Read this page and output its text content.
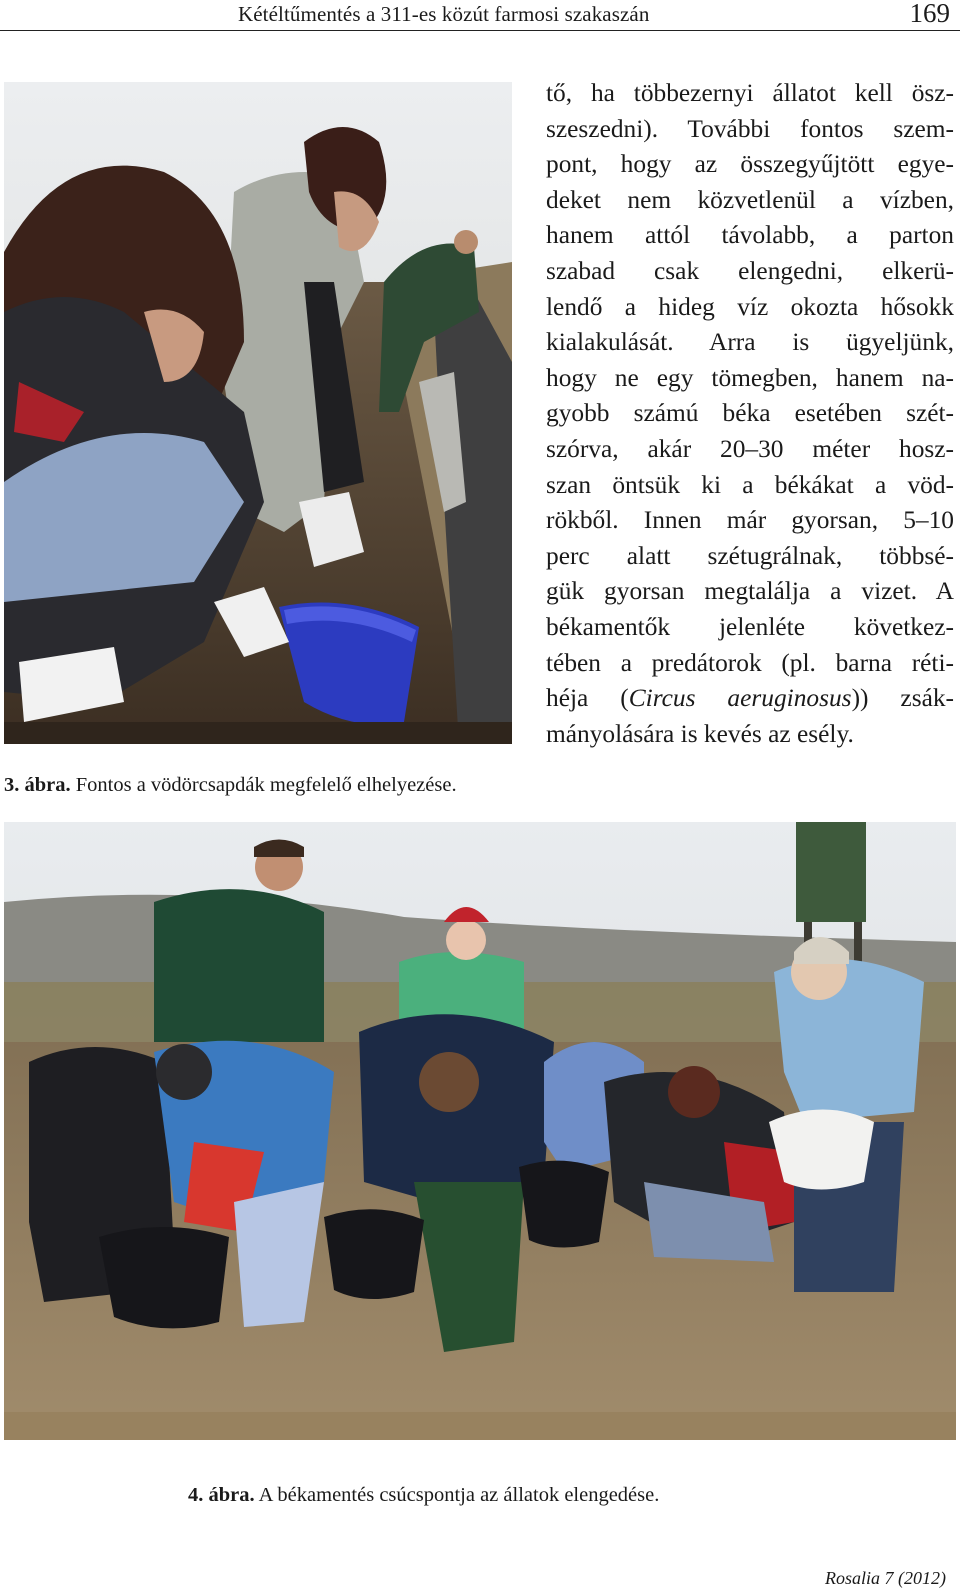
Kétéltűmentés a 311-es közút farmosi szakaszán	169
3. ábra. Fontos a vödörcsapdák megfelelő elhelyezése.
tő, ha többezernyi állatot kell ösz-
szeszedni). További fontos szem-
pont, hogy az összegyűjtött egye-
deket nem közvetlenül a vízben,
hanem attól távolabb, a parton
szabad csak elengedni, elkerü-
lendő a hideg víz okozta hősokk
kialakulását. Arra is ügyeljünk,
hogy ne egy tömegben, hanem na-
gyobb számú béka esetében szét-
szórva, akár 20–30 méter hosz-
szan öntsük ki a békákat a vöd-
rökből. Innen már gyorsan, 5–10
perc alatt szétugrálnak, többsé-
gük gyorsan megtalálja a vizet. A
békamentők jelenléte következ-
tében a predátorok (pl. barna réti-
héja (Circus aeruginosus)) zsák-
mányolására is kevés az esély.
4. ábra. A békamentés csúcspontja az állatok elengedése.
Rosalia 7 (2012)
